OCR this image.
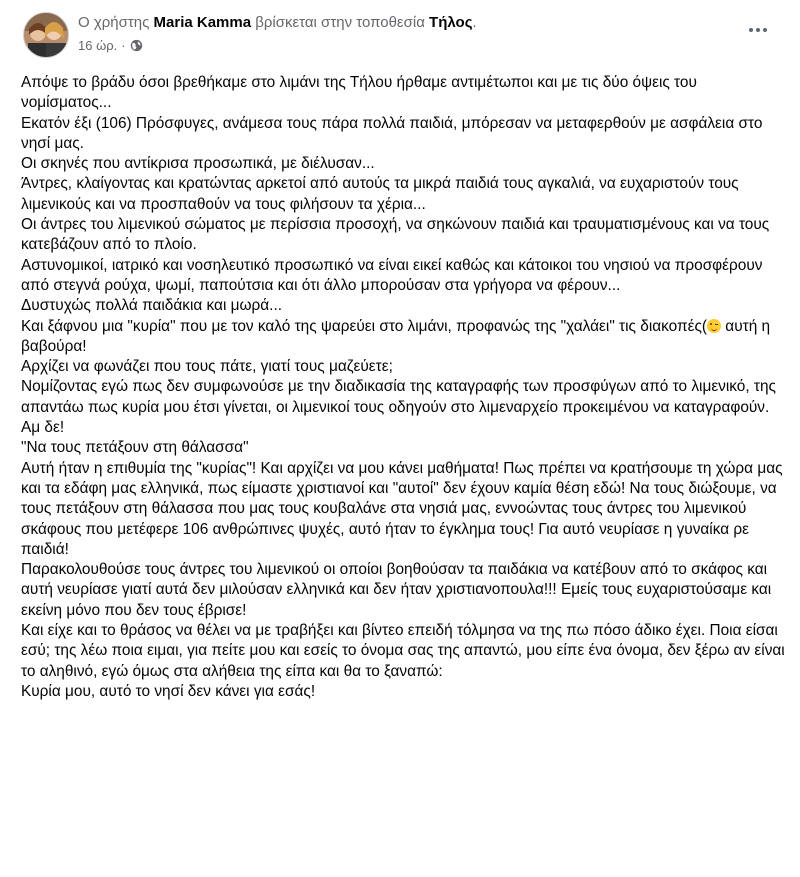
Ο χρήστης Maria Kamma βρίσκεται στην τοποθεσία Τήλος.
16 ώρ. ·

Απόψε το βράδυ όσοι βρεθήκαμε στο λιμάνι της Τήλου ήρθαμε αντιμέτωποι και με τις δύο όψεις του νομίσματος...

Εκατόν έξι (106) Πρόσφυγες, ανάμεσα τους πάρα πολλά παιδιά, μπόρεσαν να μεταφερθούν με ασφάλεια στο νησί μας.

Οι σκηνές που αντίκρισα προσωπικά, με διέλυσαν...

Άντρες, κλαίγοντας και κρατώντας αρκετοί από αυτούς τα μικρά παιδιά τους αγκαλιά, να ευχαριστούν τους λιμενικούς και να προσπαθούν να τους φιλήσουν τα χέρια...

Οι άντρες του λιμενικού σώματος με περίσσια προσοχή, να σηκώνουν παιδιά και τραυματισμένους και να τους κατεβάζουν από το πλοίο.

Αστυνομικοί, ιατρικό και νοσηλευτικό προσωπικό να είναι εικεί καθώς και κάτοικοι του νησιού να προσφέρουν από στεγνά ρούχα, ψωμί, παπούτσια και ότι άλλο μπορούσαν στα γρήγορα να φέρουν...

Δυστυχώς πολλά παιδάκια και μωρά...

Και ξάφνου μια "κυρία" που με τον καλό της ψαρεύει στο λιμάνι, προφανώς της "χαλάει" τις διακοπές( αυτή η βαβούρα!

Αρχίζει να φωνάζει που τους πάτε, γιατί τους μαζεύετε;

Νομίζοντας εγώ πως δεν συμφωνούσε με την διαδικασία της καταγραφής των προσφύγων από το λιμενικό, της απαντάω πως κυρία μου έτσι γίνεται, οι λιμενικοί τους οδηγούν στο λιμεναρχείο προκειμένου να καταγραφούν.

Αμ δε!

"Να τους πετάξουν στη θάλασσα"

Αυτή ήταν η επιθυμία της "κυρίας"! Και αρχίζει να μου κάνει μαθήματα! Πως πρέπει να κρατήσουμε τη χώρα μας και τα εδάφη μας ελληνικά, πως είμαστε χριστιανοί και "αυτοί" δεν έχουν καμία θέση εδώ! Να τους διώξουμε, να τους πετάξουν στη θάλασσα που μας τους κουβαλάνε στα νησιά μας, εννοώντας τους άντρες του λιμενικού σκάφους που μετέφερε 106 ανθρώπινες ψυχές, αυτό ήταν το έγκλημα τους! Για αυτό νευρίασε η γυναίκα ρε παιδιά!

Παρακολουθούσε τους άντρες του λιμενικού οι οποίοι βοηθούσαν τα παιδάκια να κατέβουν από το σκάφος και αυτή νευρίασε γιατί αυτά δεν μιλούσαν ελληνικά και δεν ήταν χριστιανοπουλα!!! Εμείς τους ευχαριστούσαμε και εκείνη μόνο που δεν τους έβρισε!

Και είχε και το θράσος να θέλει να με τραβήξει και βίντεο επειδή τόλμησα να της πω πόσο άδικο έχει. Ποια είσαι εσύ; της λέω ποια ειμαι, για πείτε μου και εσείς το όνομα σας της απαντώ, μου είπε ένα όνομα, δεν ξέρω αν είναι το αληθινό, εγώ όμως στα αλήθεια της είπα και θα το ξαναπώ:

Κυρία μου, αυτό το νησί δεν κάνει για εσάς!
